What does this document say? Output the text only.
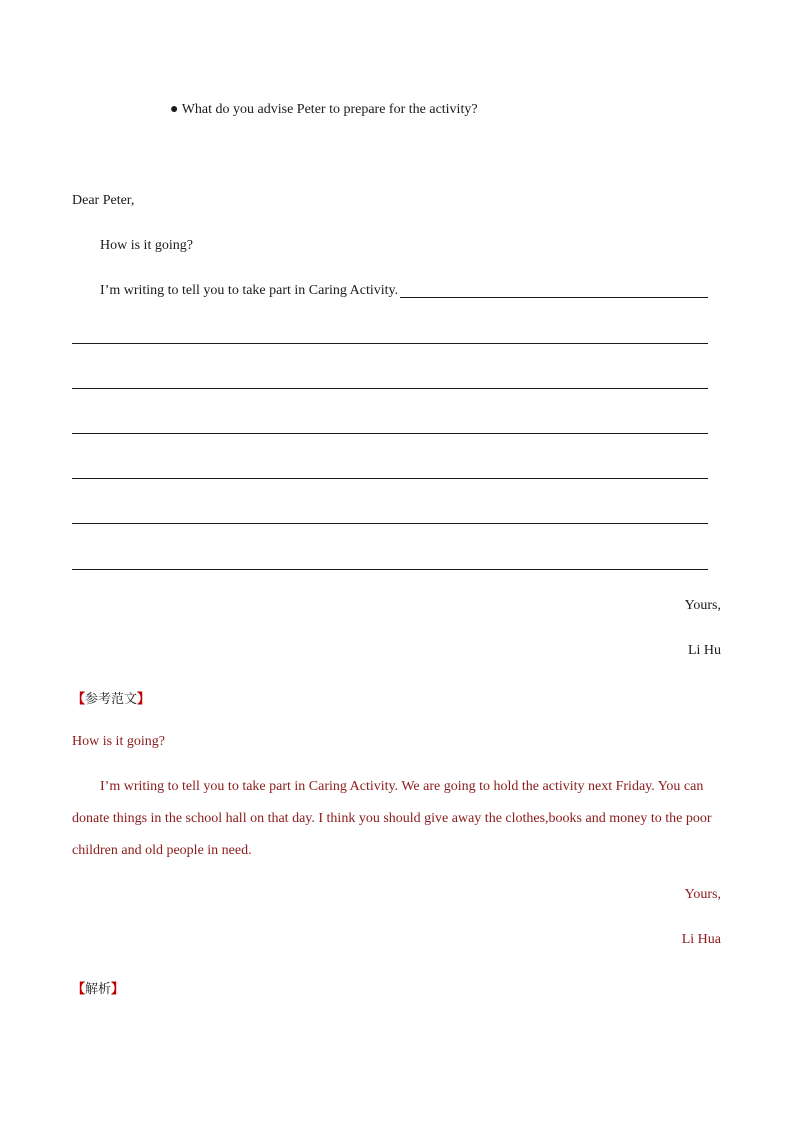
● What do you advise Peter to prepare for the activity?
Dear Peter,
How is it going?
I’m writing to tell you to take part in Caring Activity.
Yours,
Li Hu
【参考范文】
How is it going?
I’m writing to tell you to take part in Caring Activity. We are going to hold the activity next Friday. You can
donate things in the school hall on that day. I think you should give away the clothes,books and money to the poor
children and old people in need.
Yours,
Li Hua
【解析】
